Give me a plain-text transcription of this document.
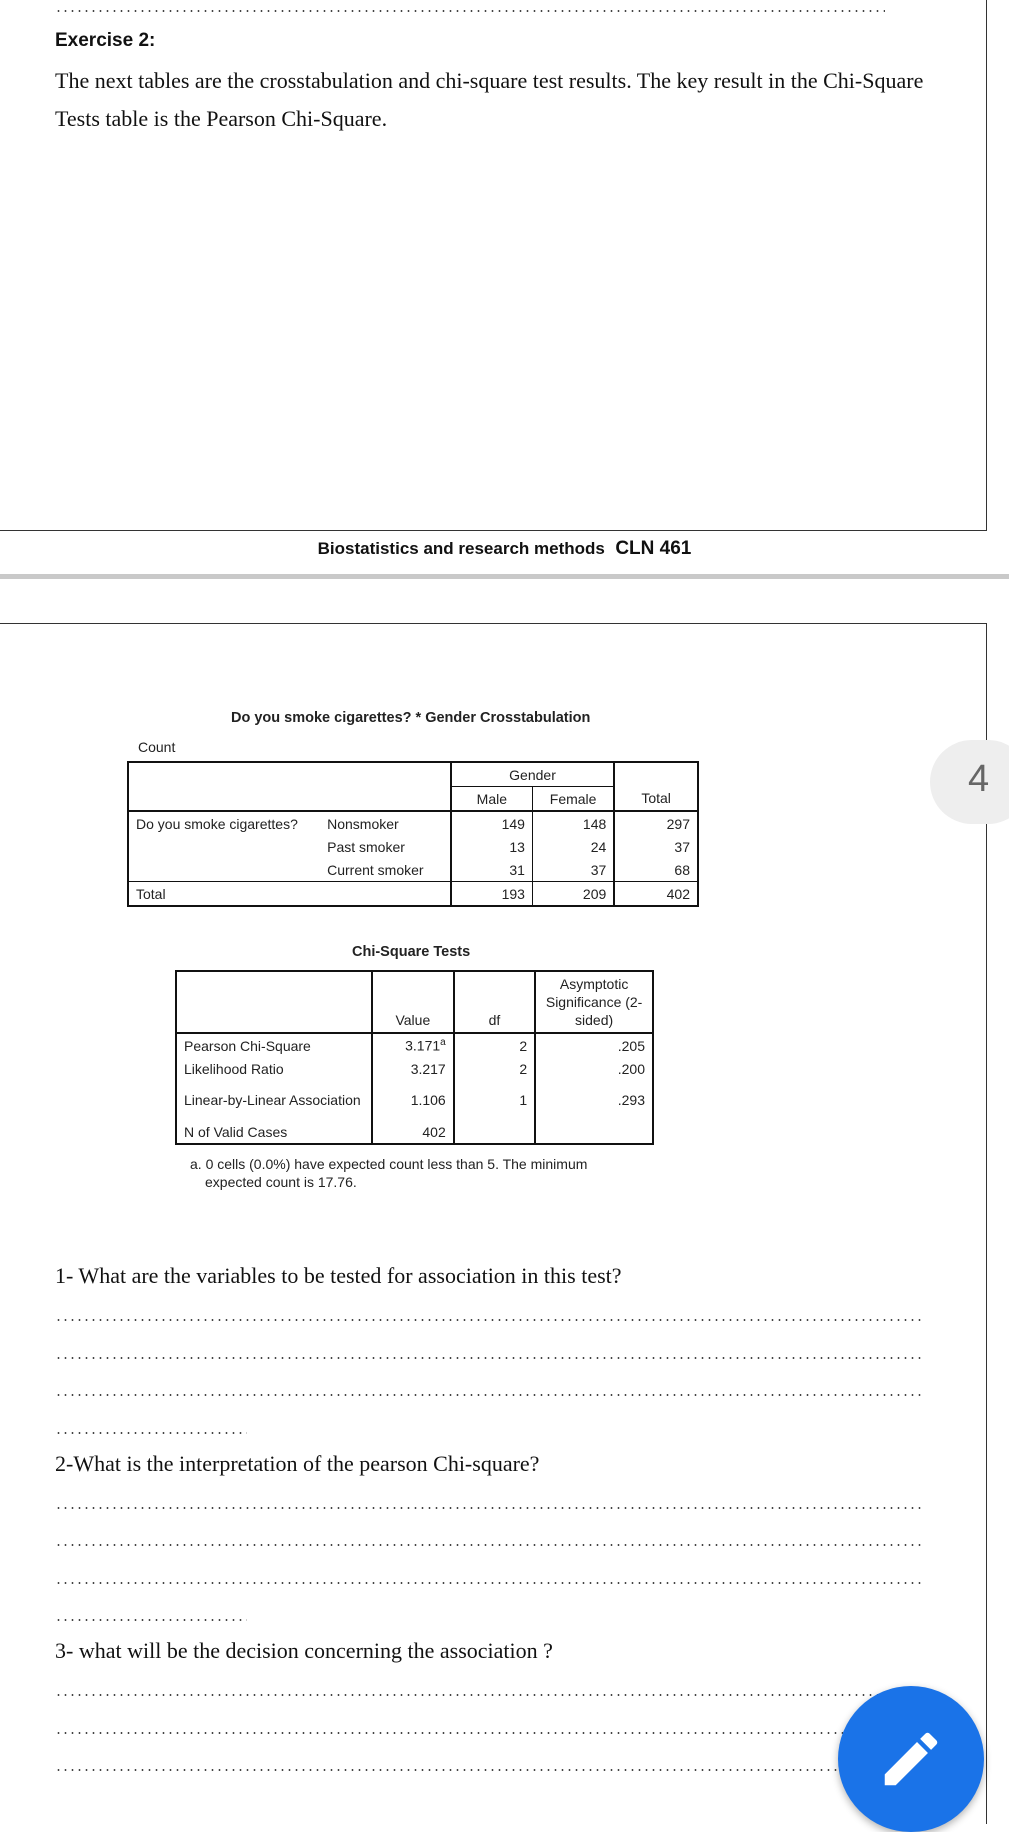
Exercise 2:
The next tables are the crosstabulation and chi-square test results. The key result in the Chi-Square Tests table is the Pearson Chi-Square.
Biostatistics and research methods CLN 461
4
Do you smoke cigarettes? * Gender Crosstabulation
Count
		Gender		
		Male	Female	Total
Do you smoke cigarettes?	Nonsmoker	149	148	297
	Past smoker	13	24	37
	Current smoker	31	37	68
Total		193	209	402
Chi-Square Tests
	Value	df	Asymptotic Significance (2-sided)
Pearson Chi-Square	3.171$^a$	2	.205
Likelihood Ratio	3.217	2	.200
Linear-by-Linear Association	1.106	1	.293
N of Valid Cases	402		
a. 0 cells (0.0%) have expected count less than 5. The minimum
expected count is 17.76.
1- What are the variables to be tested for association in this test?
2-What is the interpretation of the pearson Chi-square?
3- what will be the decision concerning the association ?
